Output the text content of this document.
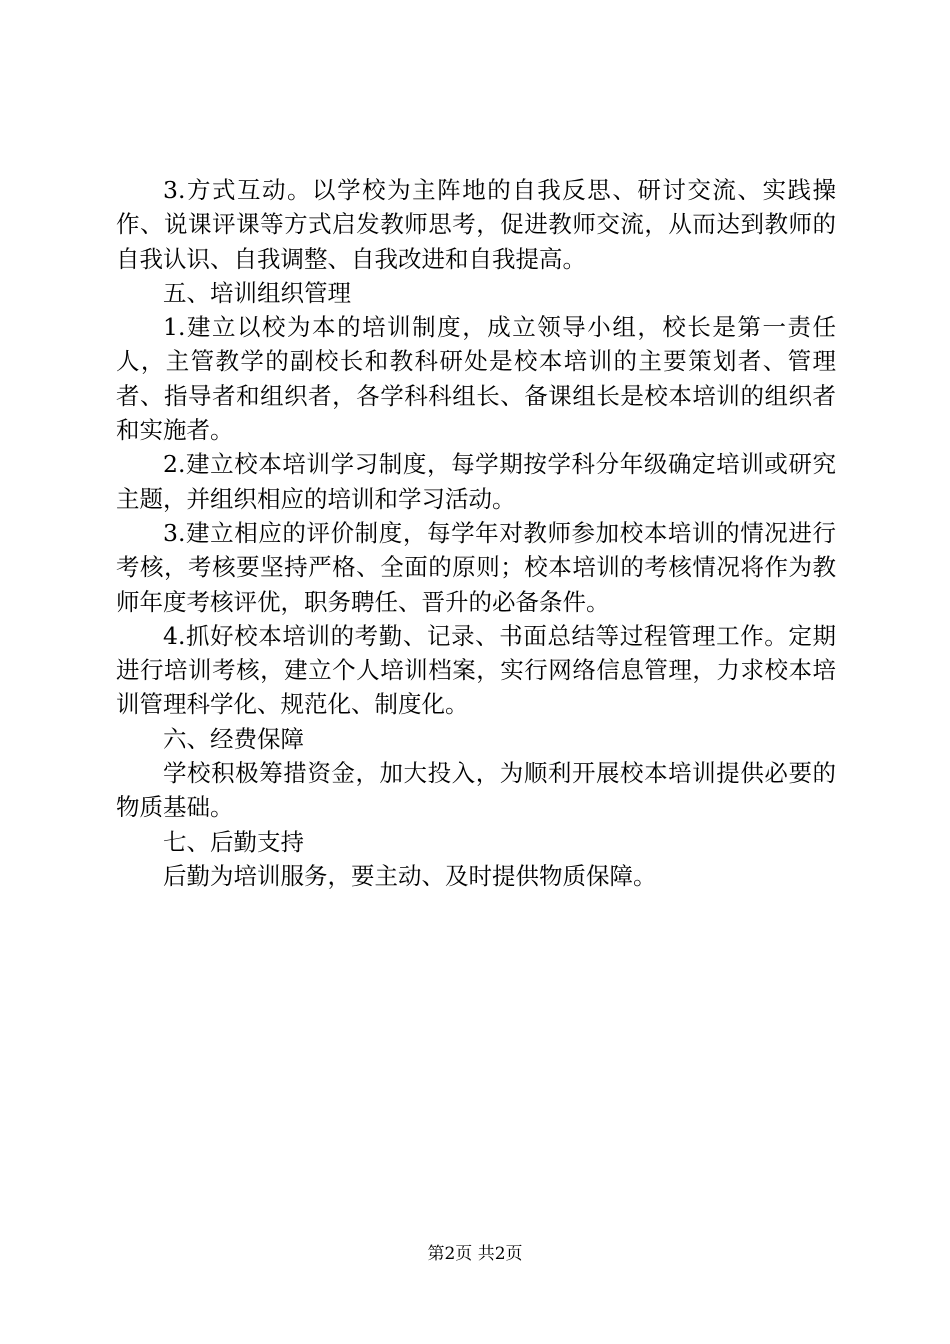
3.方式互动。以学校为主阵地的自我反思、研讨交流、实践操作、说课评课等方式启发教师思考，促进教师交流，从而达到教师的自我认识、自我调整、自我改进和自我提高。

五、培训组织管理

1.建立以校为本的培训制度，成立领导小组，校长是第一责任人，主管教学的副校长和教科研处是校本培训的主要策划者、管理者、指导者和组织者，各学科科组长、备课组长是校本培训的组织者和实施者。

2.建立校本培训学习制度，每学期按学科分年级确定培训或研究主题，并组织相应的培训和学习活动。

3.建立相应的评价制度，每学年对教师参加校本培训的情况进行考核，考核要坚持严格、全面的原则；校本培训的考核情况将作为教师年度考核评优，职务聘任、晋升的必备条件。

4.抓好校本培训的考勤、记录、书面总结等过程管理工作。定期进行培训考核，建立个人培训档案，实行网络信息管理，力求校本培训管理科学化、规范化、制度化。

六、经费保障

学校积极筹措资金，加大投入，为顺利开展校本培训提供必要的物质基础。

七、后勤支持

后勤为培训服务，要主动、及时提供物质保障。

第2页 共2页
